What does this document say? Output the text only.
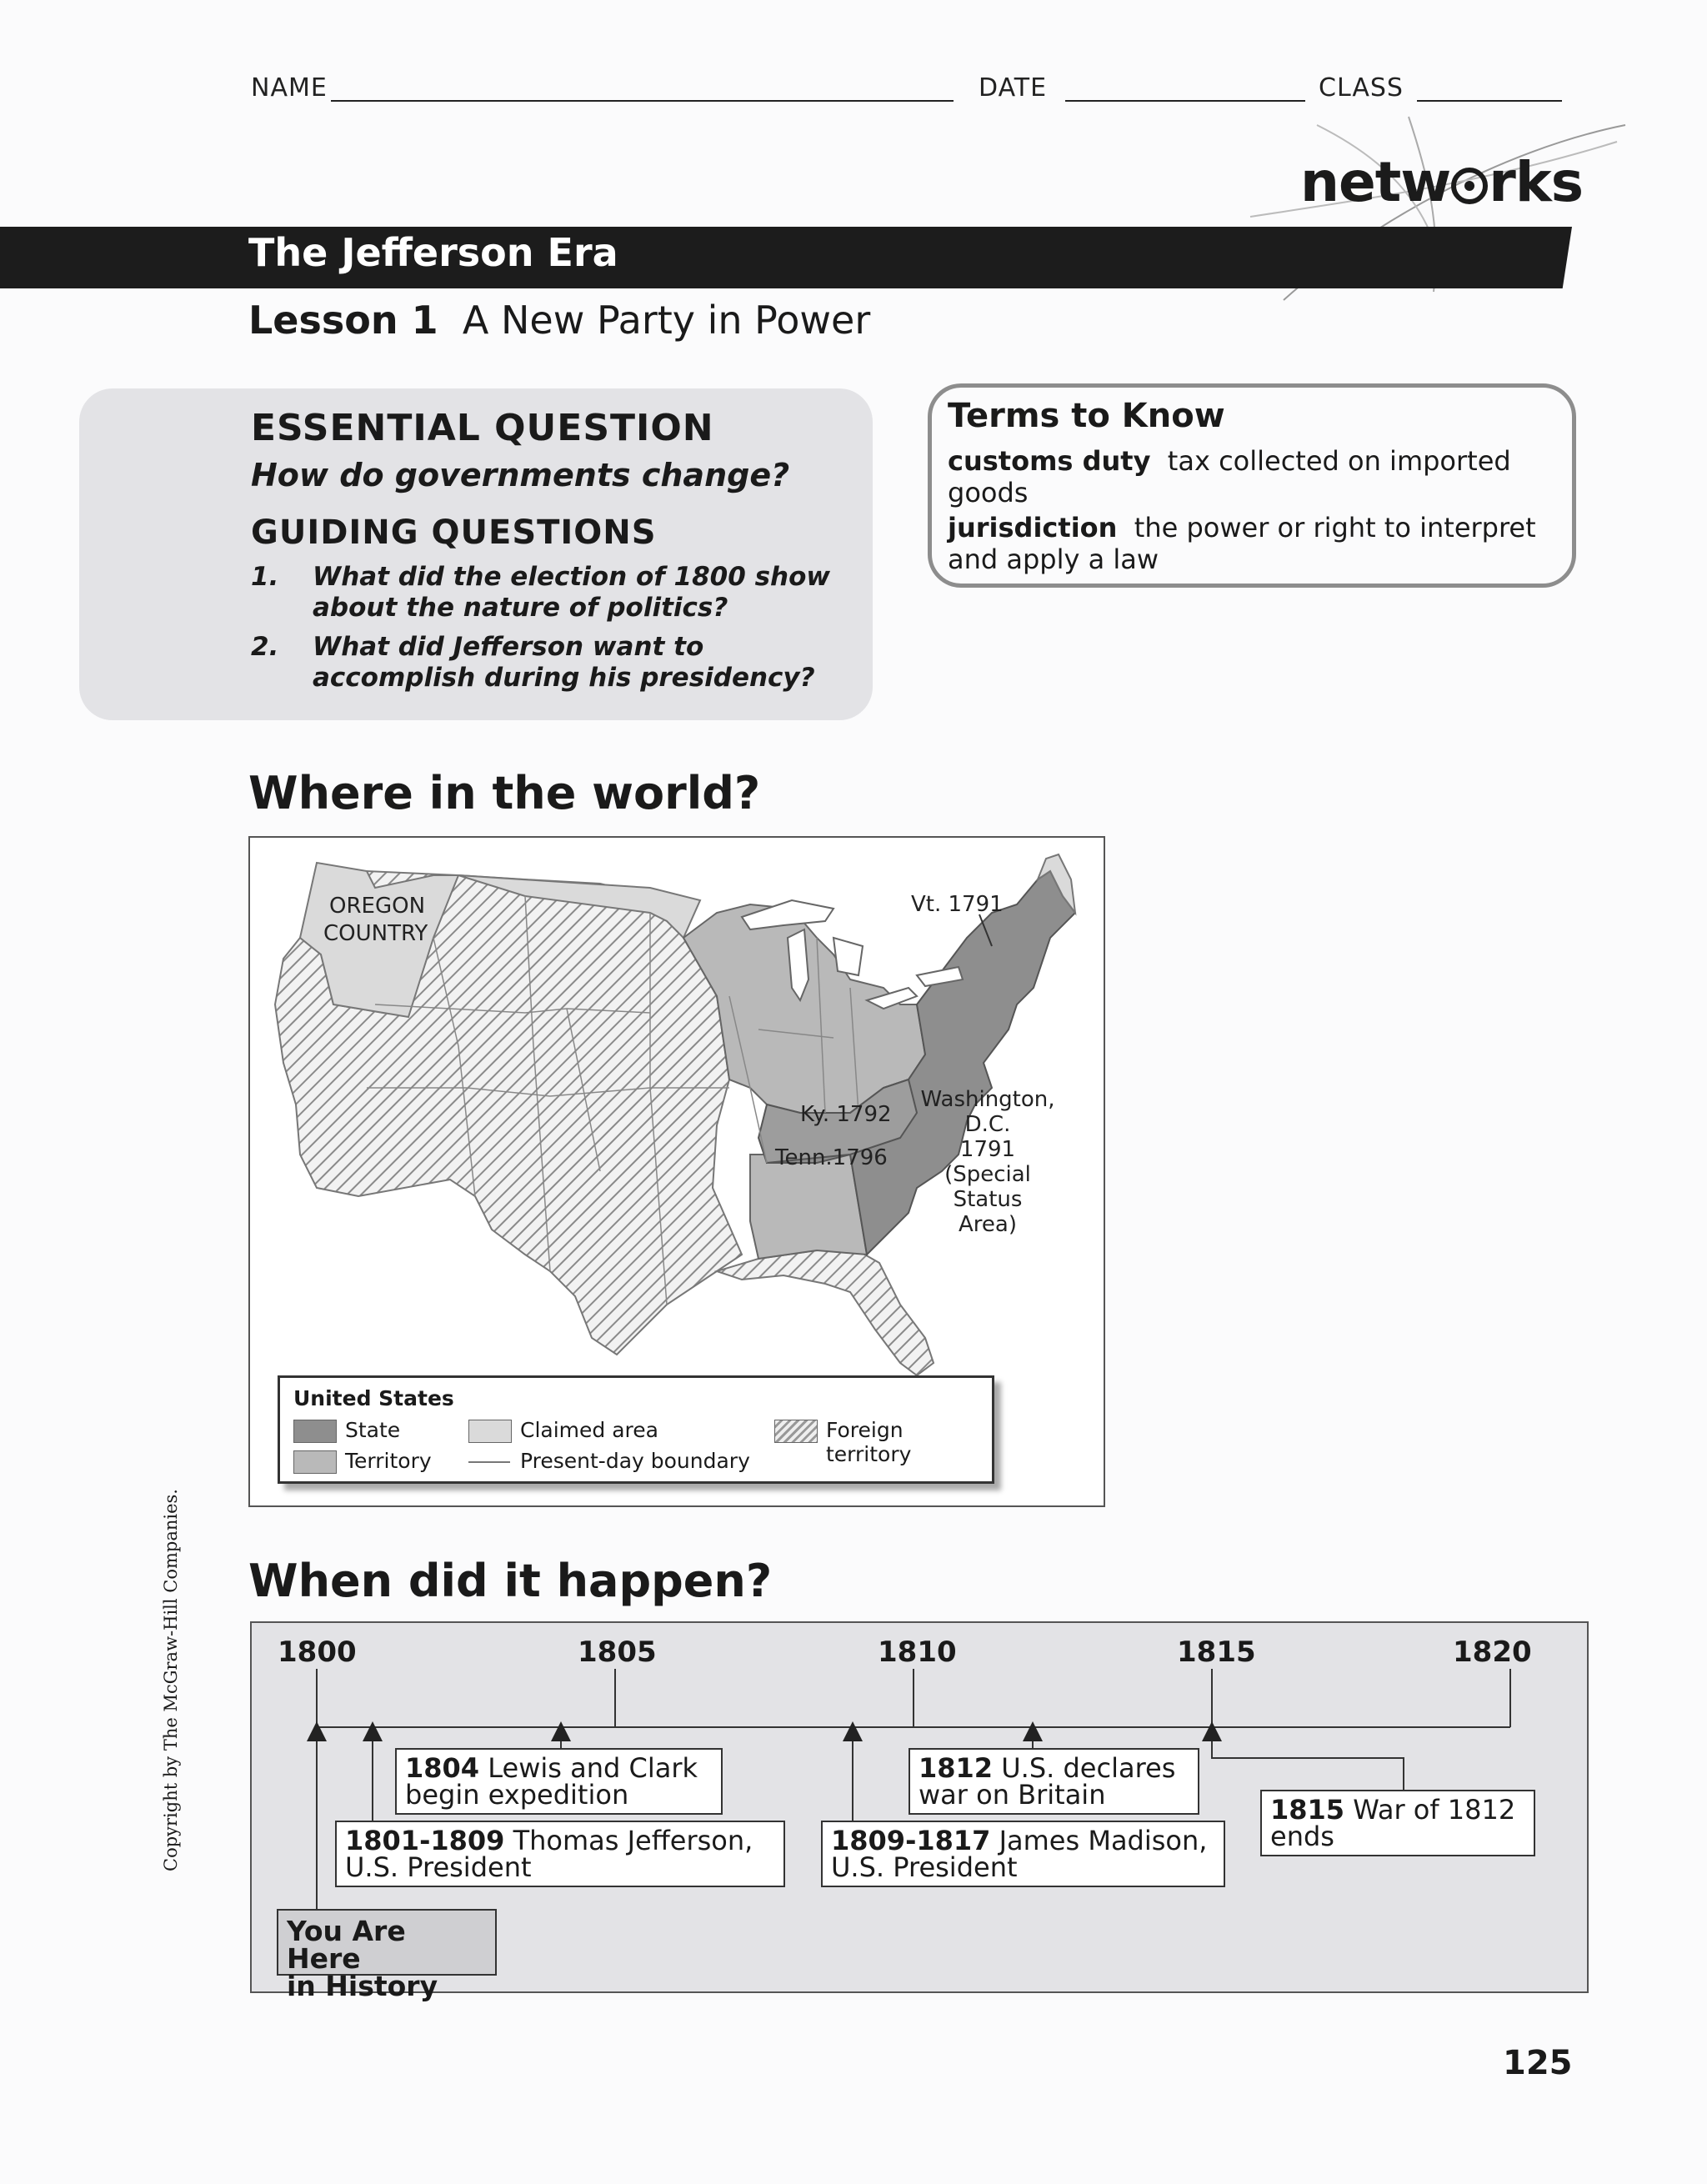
NAME	DATE	CLASS
netw rks
The Jefferson Era
Lesson 1 A New Party in Power
ESSENTIAL QUESTION
How do governments change?
GUIDING QUESTIONS
1. What did the election of 1800 show
about the nature of politics?
2. What did Jefferson want to
accomplish during his presidency?
Terms to Know
customs duty tax collected on imported goods
jurisdiction the power or right to interpret and apply a law
Where in the world?
OREGON
COUNTRY
Vt. 1791
Ky. 1792
Tenn.1796
Washington,
D.C.
1791
(Special
Status
Area)
United States
State
Territory
Claimed area
Present-day boundary
Foreign territory
When did it happen?
1800	1805	1810	1815	1820
1804 Lewis and Clark
begin expedition
1801-1809 Thomas Jefferson,
U.S. President
1809-1817 James Madison,
U.S. President
1812 U.S. declares
war on Britain	1815 War of 1812
ends
You Are Here
in History
Copyright by The McGraw-Hill Companies.
125
